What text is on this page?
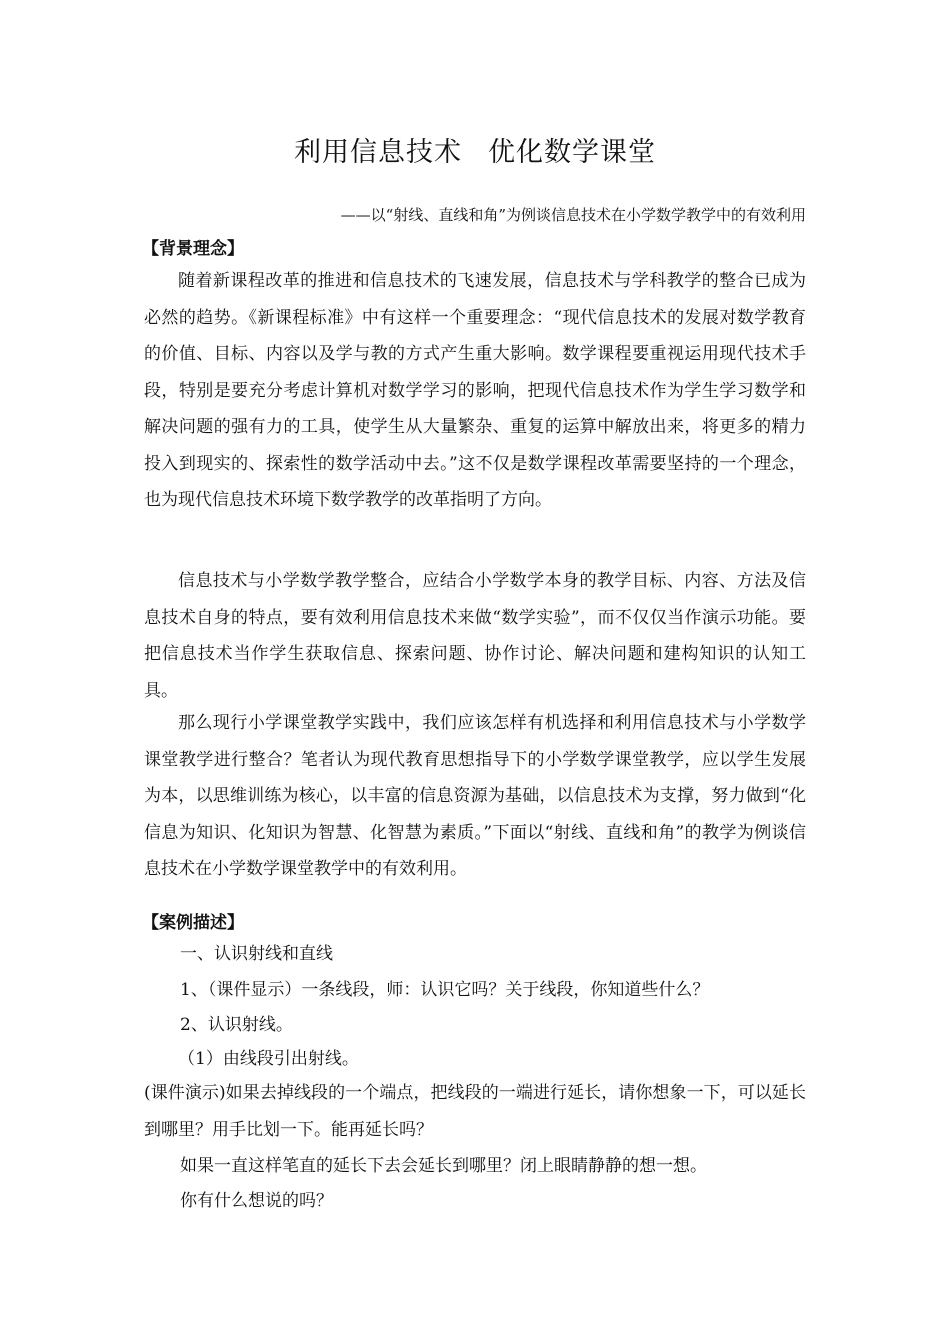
利用信息技术 优化数学课堂

——以“射线、直线和角”为例谈信息技术在小学数学教学中的有效利用

【背景理念】

随着新课程改革的推进和信息技术的飞速发展，信息技术与学科教学的整合已成为必然的趋势。《新课程标准》中有这样一个重要理念：“现代信息技术的发展对数学教育的价值、目标、内容以及学与教的方式产生重大影响。数学课程要重视运用现代技术手段，特别是要充分考虑计算机对数学学习的影响，把现代信息技术作为学生学习数学和解决问题的强有力的工具，使学生从大量繁杂、重复的运算中解放出来，将更多的精力投入到现实的、探索性的数学活动中去。”这不仅是数学课程改革需要坚持的一个理念，也为现代信息技术环境下数学教学的改革指明了方向。

信息技术与小学数学教学整合，应结合小学数学本身的教学目标、内容、方法及信息技术自身的特点，要有效利用信息技术来做“数学实验”，而不仅仅当作演示功能。要把信息技术当作学生获取信息、探索问题、协作讨论、解决问题和建构知识的认知工具。

那么现行小学课堂教学实践中，我们应该怎样有机选择和利用信息技术与小学数学课堂教学进行整合？笔者认为现代教育思想指导下的小学数学课堂教学，应以学生发展为本，以思维训练为核心，以丰富的信息资源为基础，以信息技术为支撑，努力做到“化信息为知识、化知识为智慧、化智慧为素质。”下面以“射线、直线和角”的教学为例谈信息技术在小学数学课堂教学中的有效利用。

【案例描述】

一、认识射线和直线

1、（课件显示）一条线段，师：认识它吗？关于线段，你知道些什么？

2、认识射线。

（1）由线段引出射线。

(课件演示)如果去掉线段的一个端点，把线段的一端进行延长，请你想象一下，可以延长到哪里？用手比划一下。能再延长吗？

如果一直这样笔直的延长下去会延长到哪里？闭上眼睛静静的想一想。

你有什么想说的吗？
